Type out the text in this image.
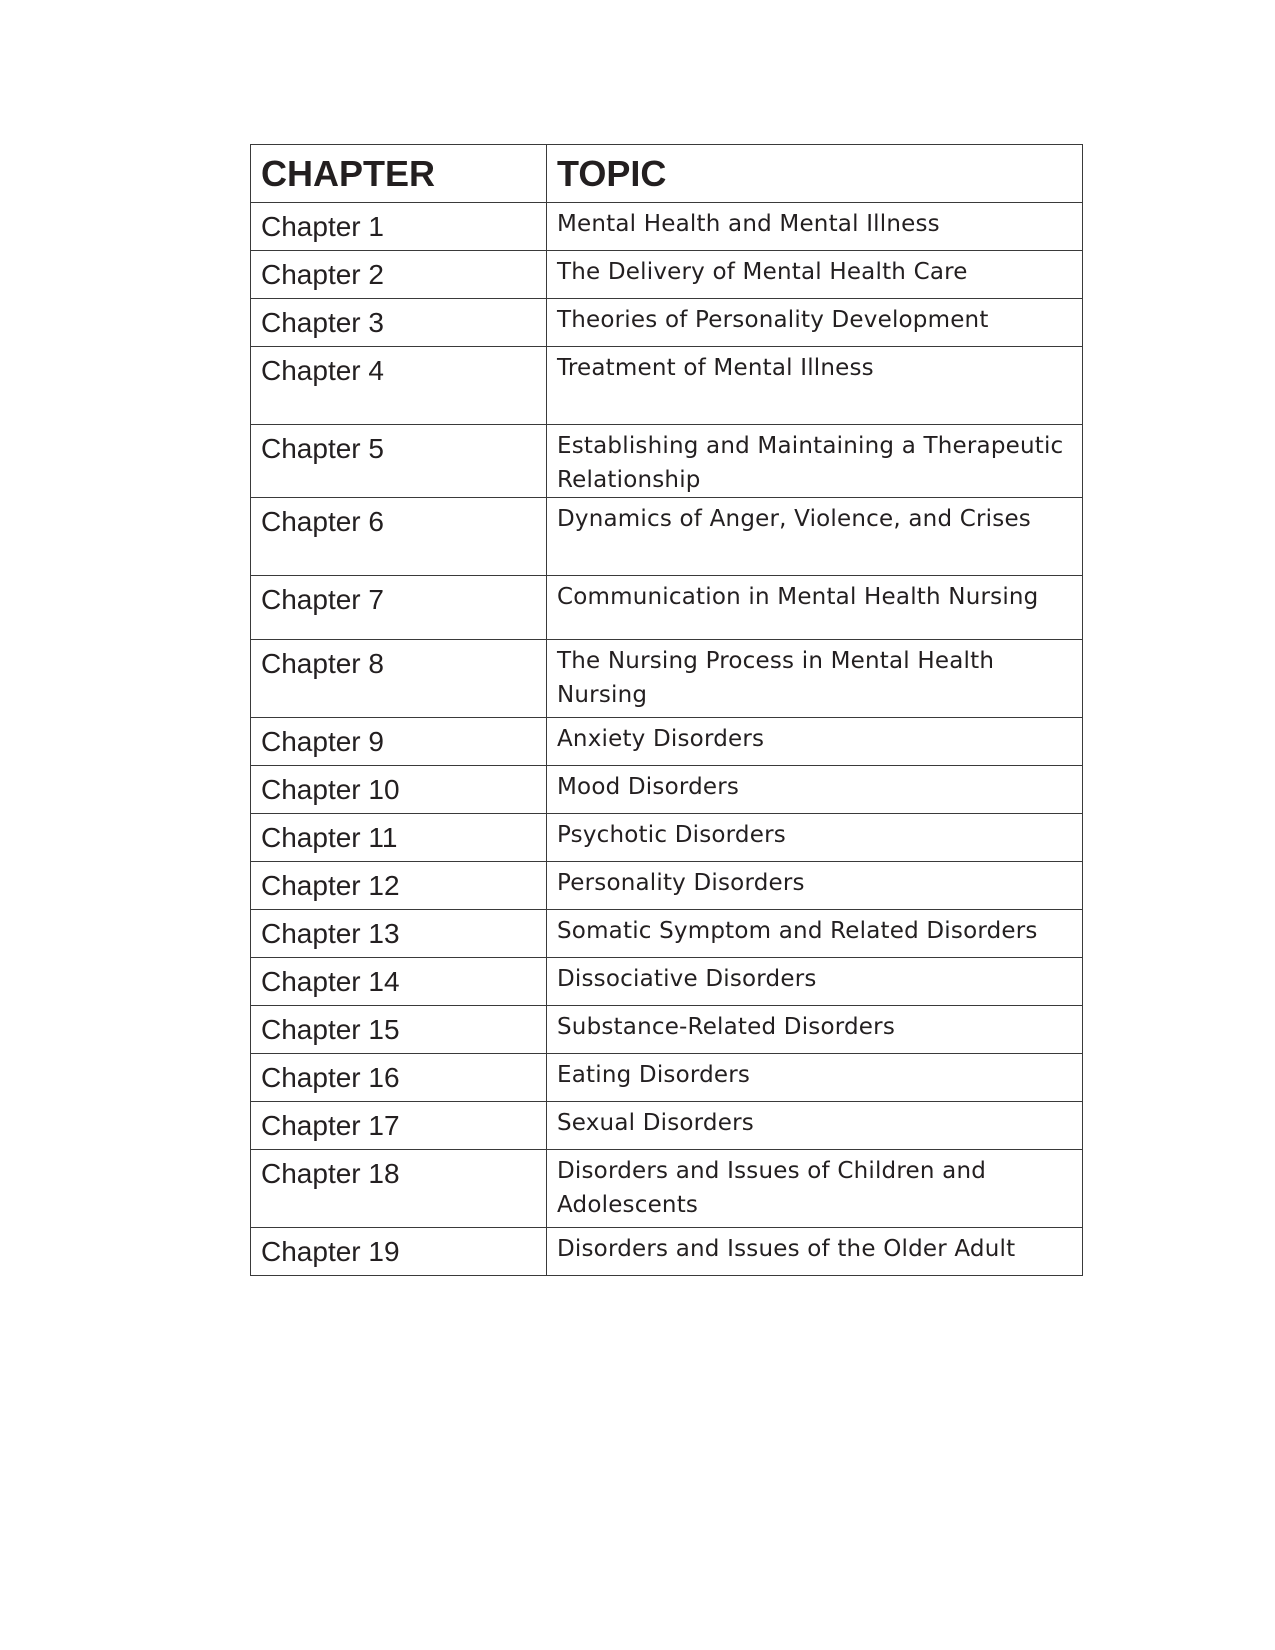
CHAPTER	TOPIC
Chapter 1	Mental Health and Mental Illness
Chapter 2	The Delivery of Mental Health Care
Chapter 3	Theories of Personality Development
Chapter 4	Treatment of Mental Illness
Chapter 5	Establishing and Maintaining a Therapeutic Relationship
Chapter 6	Dynamics of Anger, Violence, and Crises
Chapter 7	Communication in Mental Health Nursing
Chapter 8	The Nursing Process in Mental Health Nursing
Chapter 9	Anxiety Disorders
Chapter 10	Mood Disorders
Chapter 11	Psychotic Disorders
Chapter 12	Personality Disorders
Chapter 13	Somatic Symptom and Related Disorders
Chapter 14	Dissociative Disorders
Chapter 15	Substance-Related Disorders
Chapter 16	Eating Disorders
Chapter 17	Sexual Disorders
Chapter 18	Disorders and Issues of Children and Adolescents
Chapter 19	Disorders and Issues of the Older Adult
